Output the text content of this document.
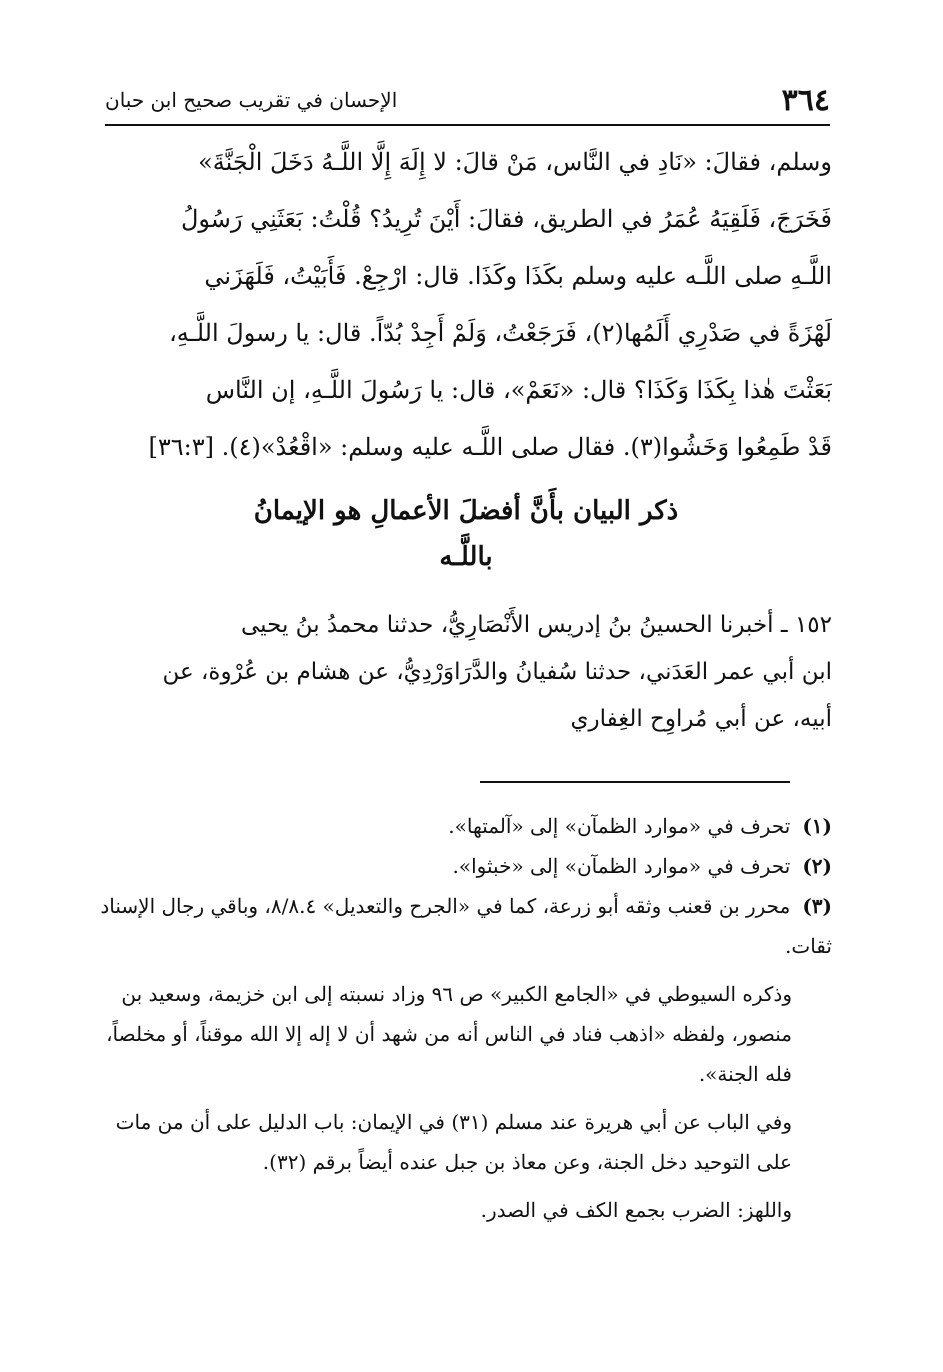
الإحسان في تقريب صحيح ابن حبان	٣٦٤
وسلم، فقالَ: «نَادِ في النَّاس، مَنْ قالَ: لا إِلَهَ إِلَّا اللَّـهُ دَخَلَ الْجَنَّةَ»
فَخَرَجَ، فَلَقِيَهُ عُمَرُ في الطريق، فقالَ: أَيْنَ تُرِيدُ؟ قُلْتُ: بَعَثَنِي رَسُولُ
اللَّـهِ صلى اللَّـه عليه وسلم بكَذَا وكَذَا. قال: ارْجِعْ. فَأَبَيْتُ، فَلَهَزَني
لَهْزَةً في صَدْرِي أَلَمُها(٢)، فَرَجَعْتُ، وَلَمْ أَجِدْ بُدّاً. قال: يا رسولَ اللَّـهِ،
بَعَثْتَ هٰذا بِكَذَا وَكَذَا؟ قال: «نَعَمْ»، قال: يا رَسُولَ اللَّـهِ، إن النَّاس
قَدْ طَمِعُوا وَخَشُوا(٣). فقال صلى اللَّـه عليه وسلم: «اقْعُدْ»(٤). [٣٦:٣]
ذكر البيان بأَنَّ أفضلَ الأعمالِ هو الإيمانُ
باللَّـه
١٥٢ ـ أخبرنا الحسينُ بنُ إدريس الأَنْصَارِيُّ، حدثنا محمدُ بنُ يحيى
ابن أبي عمر العَدَني، حدثنا سُفيانُ والدَّرَاوَرْدِيُّ، عن هشام بن عُرْوة، عن
أبيه، عن أبي مُراوِح الغِفاري
(١)تحرف في «موارد الظمآن» إلى «آلمتها».
(٢)تحرف في «موارد الظمآن» إلى «خبثوا».
(٣)محرر بن قعنب وثقه أبو زرعة، كما في «الجرح والتعديل» ٨/٨.٤، وباقي رجال الإسناد ثقات.
وذكره السيوطي في «الجامع الكبير» ص ٩٦ وزاد نسبته إلى ابن خزيمة، وسعيد بن منصور، ولفظه «اذهب فناد في الناس أنه من شهد أن لا إله إلا الله موقناً، أو مخلصاً، فله الجنة».
وفي الباب عن أبي هريرة عند مسلم (٣١) في الإيمان: باب الدليل على أن من مات على التوحيد دخل الجنة، وعن معاذ بن جبل عنده أيضاً برقم (٣٢).
واللهز: الضرب بجمع الكف في الصدر.
